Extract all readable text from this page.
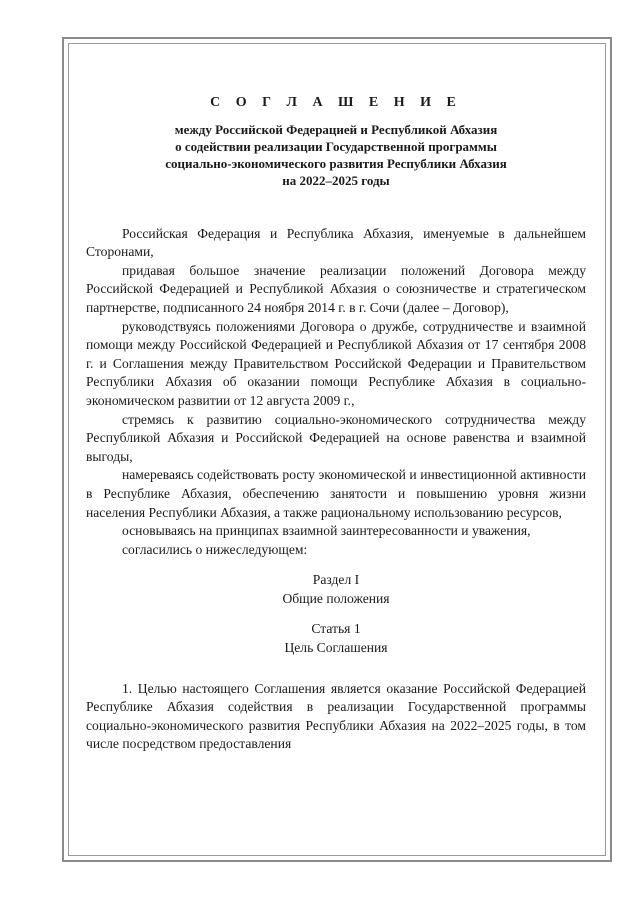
С О Г Л А Ш Е Н И Е

между Российской Федерацией и Республикой Абхазия

о содействии реализации Государственной программы

социально-экономического развития Республики Абхазия

на 2022–2025 годы

Российская Федерация и Республика Абхазия, именуемые в дальнейшем Сторонами,

придавая большое значение реализации положений Договора между Российской Федерацией и Республикой Абхазия о союзничестве и стратегическом партнерстве, подписанного 24 ноября 2014 г. в г. Сочи (далее – Договор),

руководствуясь положениями Договора о дружбе, сотрудничестве и взаимной помощи между Российской Федерацией и Республикой Абхазия от 17 сентября 2008 г. и Соглашения между Правительством Российской Федерации и Правительством Республики Абхазия об оказании помощи Республике Абхазия в социально-экономическом развитии от 12 августа 2009 г.,

стремясь к развитию социально-экономического сотрудничества между Республикой Абхазия и Российской Федерацией на основе равенства и взаимной выгоды,

намереваясь содействовать росту экономической и инвестиционной активности в Республике Абхазия, обеспечению занятости и повышению уровня жизни населения Республики Абхазия, а также рациональному использованию ресурсов,

основываясь на принципах взаимной заинтересованности и уважения,

согласились о нижеследующем:

Раздел I

Общие положения

Статья 1

Цель Соглашения

1. Целью настоящего Соглашения является оказание Российской Федерацией Республике Абхазия содействия в реализации Государственной программы социально-экономического развития Республики Абхазия на 2022–2025 годы, в том числе посредством предоставления
